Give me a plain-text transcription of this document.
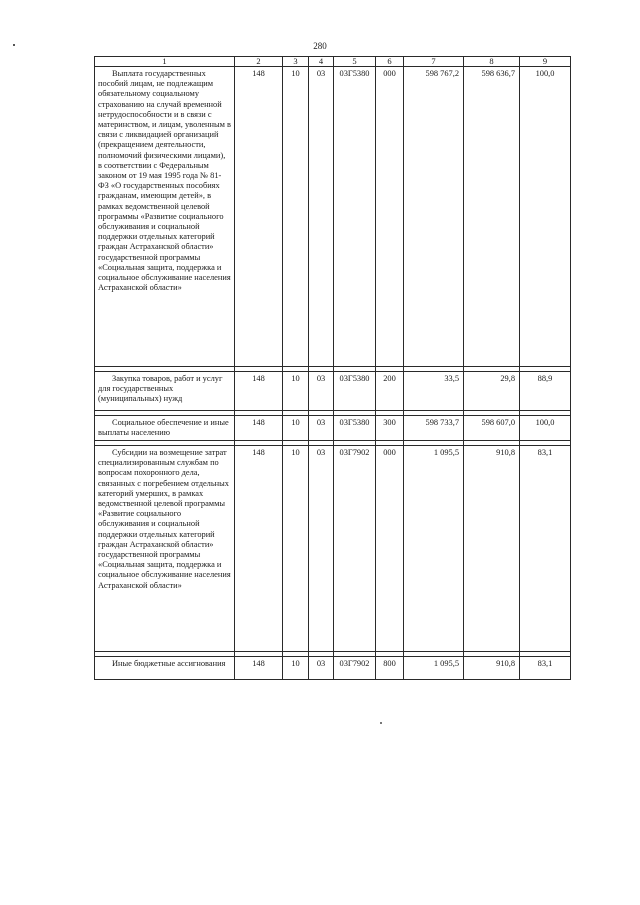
280
1	2	3	4	5	6	7	8	9

Выплата государственных пособий лицам, не подлежащим обязательному социальному страхованию на случай временной нетрудоспособности и в связи с материнством, и лицам, уволенным в связи с ликвидацией организаций (прекращением деятельности, полномочий физическими лицами), в соответствии с Федеральным законом от 19 мая 1995 года № 81-ФЗ «О государственных пособиях гражданам, имеющим детей», в рамках ведомственной целевой программы «Развитие социального обслуживания и социальной поддержки отдельных категорий граждан Астраханской области» государственной программы «Социальная защита, поддержка и социальное обслуживание населения Астраханской области»	148	10	03	03Г5380	000	598 767,2	598 636,7	100,0

Закупка товаров, работ и услуг для государственных (муниципальных) нужд	148	10	03	03Г5380	200	33,5	29,8	88,9

Социальное обеспечение и иные выплаты населению	148	10	03	03Г5380	300	598 733,7	598 607,0	100,0

Субсидии на возмещение затрат специализированным службам по вопросам похоронного дела, связанных с погребением отдельных категорий умерших, в рамках ведомственной целевой программы «Развитие социального обслуживания и социальной поддержки отдельных категорий граждан Астраханской области» государственной программы «Социальная защита, поддержка и социальное обслуживание населения Астраханской области»	148	10	03	03Г7902	000	1 095,5	910,8	83,1

Иные бюджетные ассигнования	148	10	03	03Г7902	800	1 095,5	910,8	83,1
